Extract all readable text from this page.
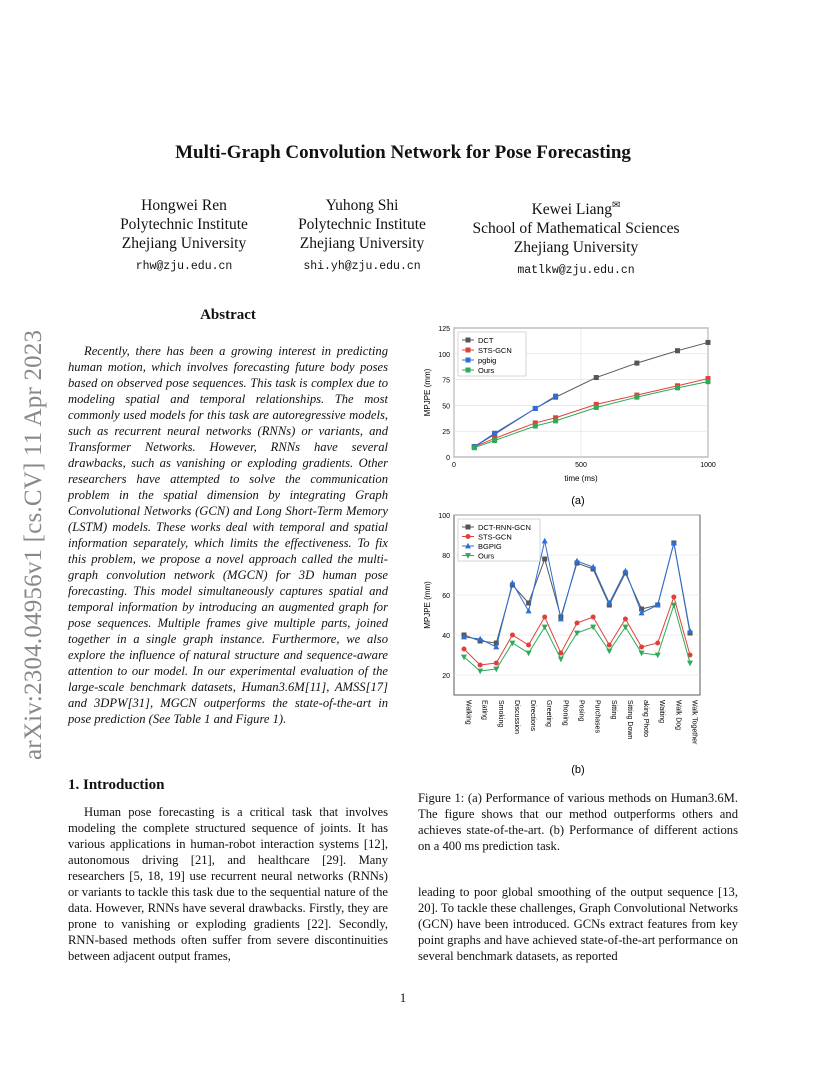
Multi-Graph Convolution Network for Pose Forecasting
Hongwei Ren
Polytechnic Institute
Zhejiang University
rhw@zju.edu.cn
Yuhong Shi
Polytechnic Institute
Zhejiang University
shi.yh@zju.edu.cn
Kewei Liang✉
School of Mathematical Sciences
Zhejiang University
matlkw@zju.edu.cn
arXiv:2304.04956v1 [cs.CV] 11 Apr 2023
Abstract
Recently, there has been a growing interest in predicting human motion, which involves forecasting future body poses based on observed pose sequences. This task is complex due to modeling spatial and temporal relationships. The most commonly used models for this task are autoregressive models, such as recurrent neural networks (RNNs) or variants, and Transformer Networks. However, RNNs have several drawbacks, such as vanishing or exploding gradients. Other researchers have attempted to solve the communication problem in the spatial dimension by integrating Graph Convolutional Networks (GCN) and Long Short-Term Memory (LSTM) models. These works deal with temporal and spatial information separately, which limits the effectiveness. To fix this problem, we propose a novel approach called the multi-graph convolution network (MGCN) for 3D human pose forecasting. This model simultaneously captures spatial and temporal information by introducing an augmented graph for pose sequences. Multiple frames give multiple parts, joined together in a single graph instance. Furthermore, we also explore the influence of natural structure and sequence-aware attention to our model. In our experimental evaluation of the large-scale benchmark datasets, Human3.6M[11], AMSS[17] and 3DPW[31], MGCN outperforms the state-of-the-art in pose prediction (See Table 1 and Figure 1).
1. Introduction
Human pose forecasting is a critical task that involves modeling the complete structured sequence of joints. It has various applications in human-robot interaction systems [12], autonomous driving [21], and healthcare [29]. Many researchers [5, 18, 19] use recurrent neural networks (RNNs) or variants to tackle this task due to the sequential nature of the data. However, RNNs have several drawbacks. Firstly, they are prone to vanishing or exploding gradients [22]. Secondly, RNN-based methods often suffer from severe discontinuities between adjacent output frames,
0
25
50
75
100
125
0	500	1000
time (ms)
MPJPE (mm)
DCT
STS-GCN
pgbig
Ours
(a)
20
40
60
80
100
Walking Eating Smoking Discussion Directions Greeting Phoning Posing Purchases Sitting Sitting Down aking Photo Waiting Walk Dog Walk Together
MPJPE (mm)
DCT-RNN-GCN
STS-GCN
BGPIG
Ours
(b)
Figure 1: (a) Performance of various methods on Human3.6M. The figure shows that our method outperforms others and achieves state-of-the-art. (b) Performance of different actions on a 400 ms prediction task.
leading to poor global smoothing of the output sequence [13, 20]. To tackle these challenges, Graph Convolutional Networks (GCN) have been introduced. GCNs extract features from key point graphs and have achieved state-of-the-art performance on several benchmark datasets, as reported
1
